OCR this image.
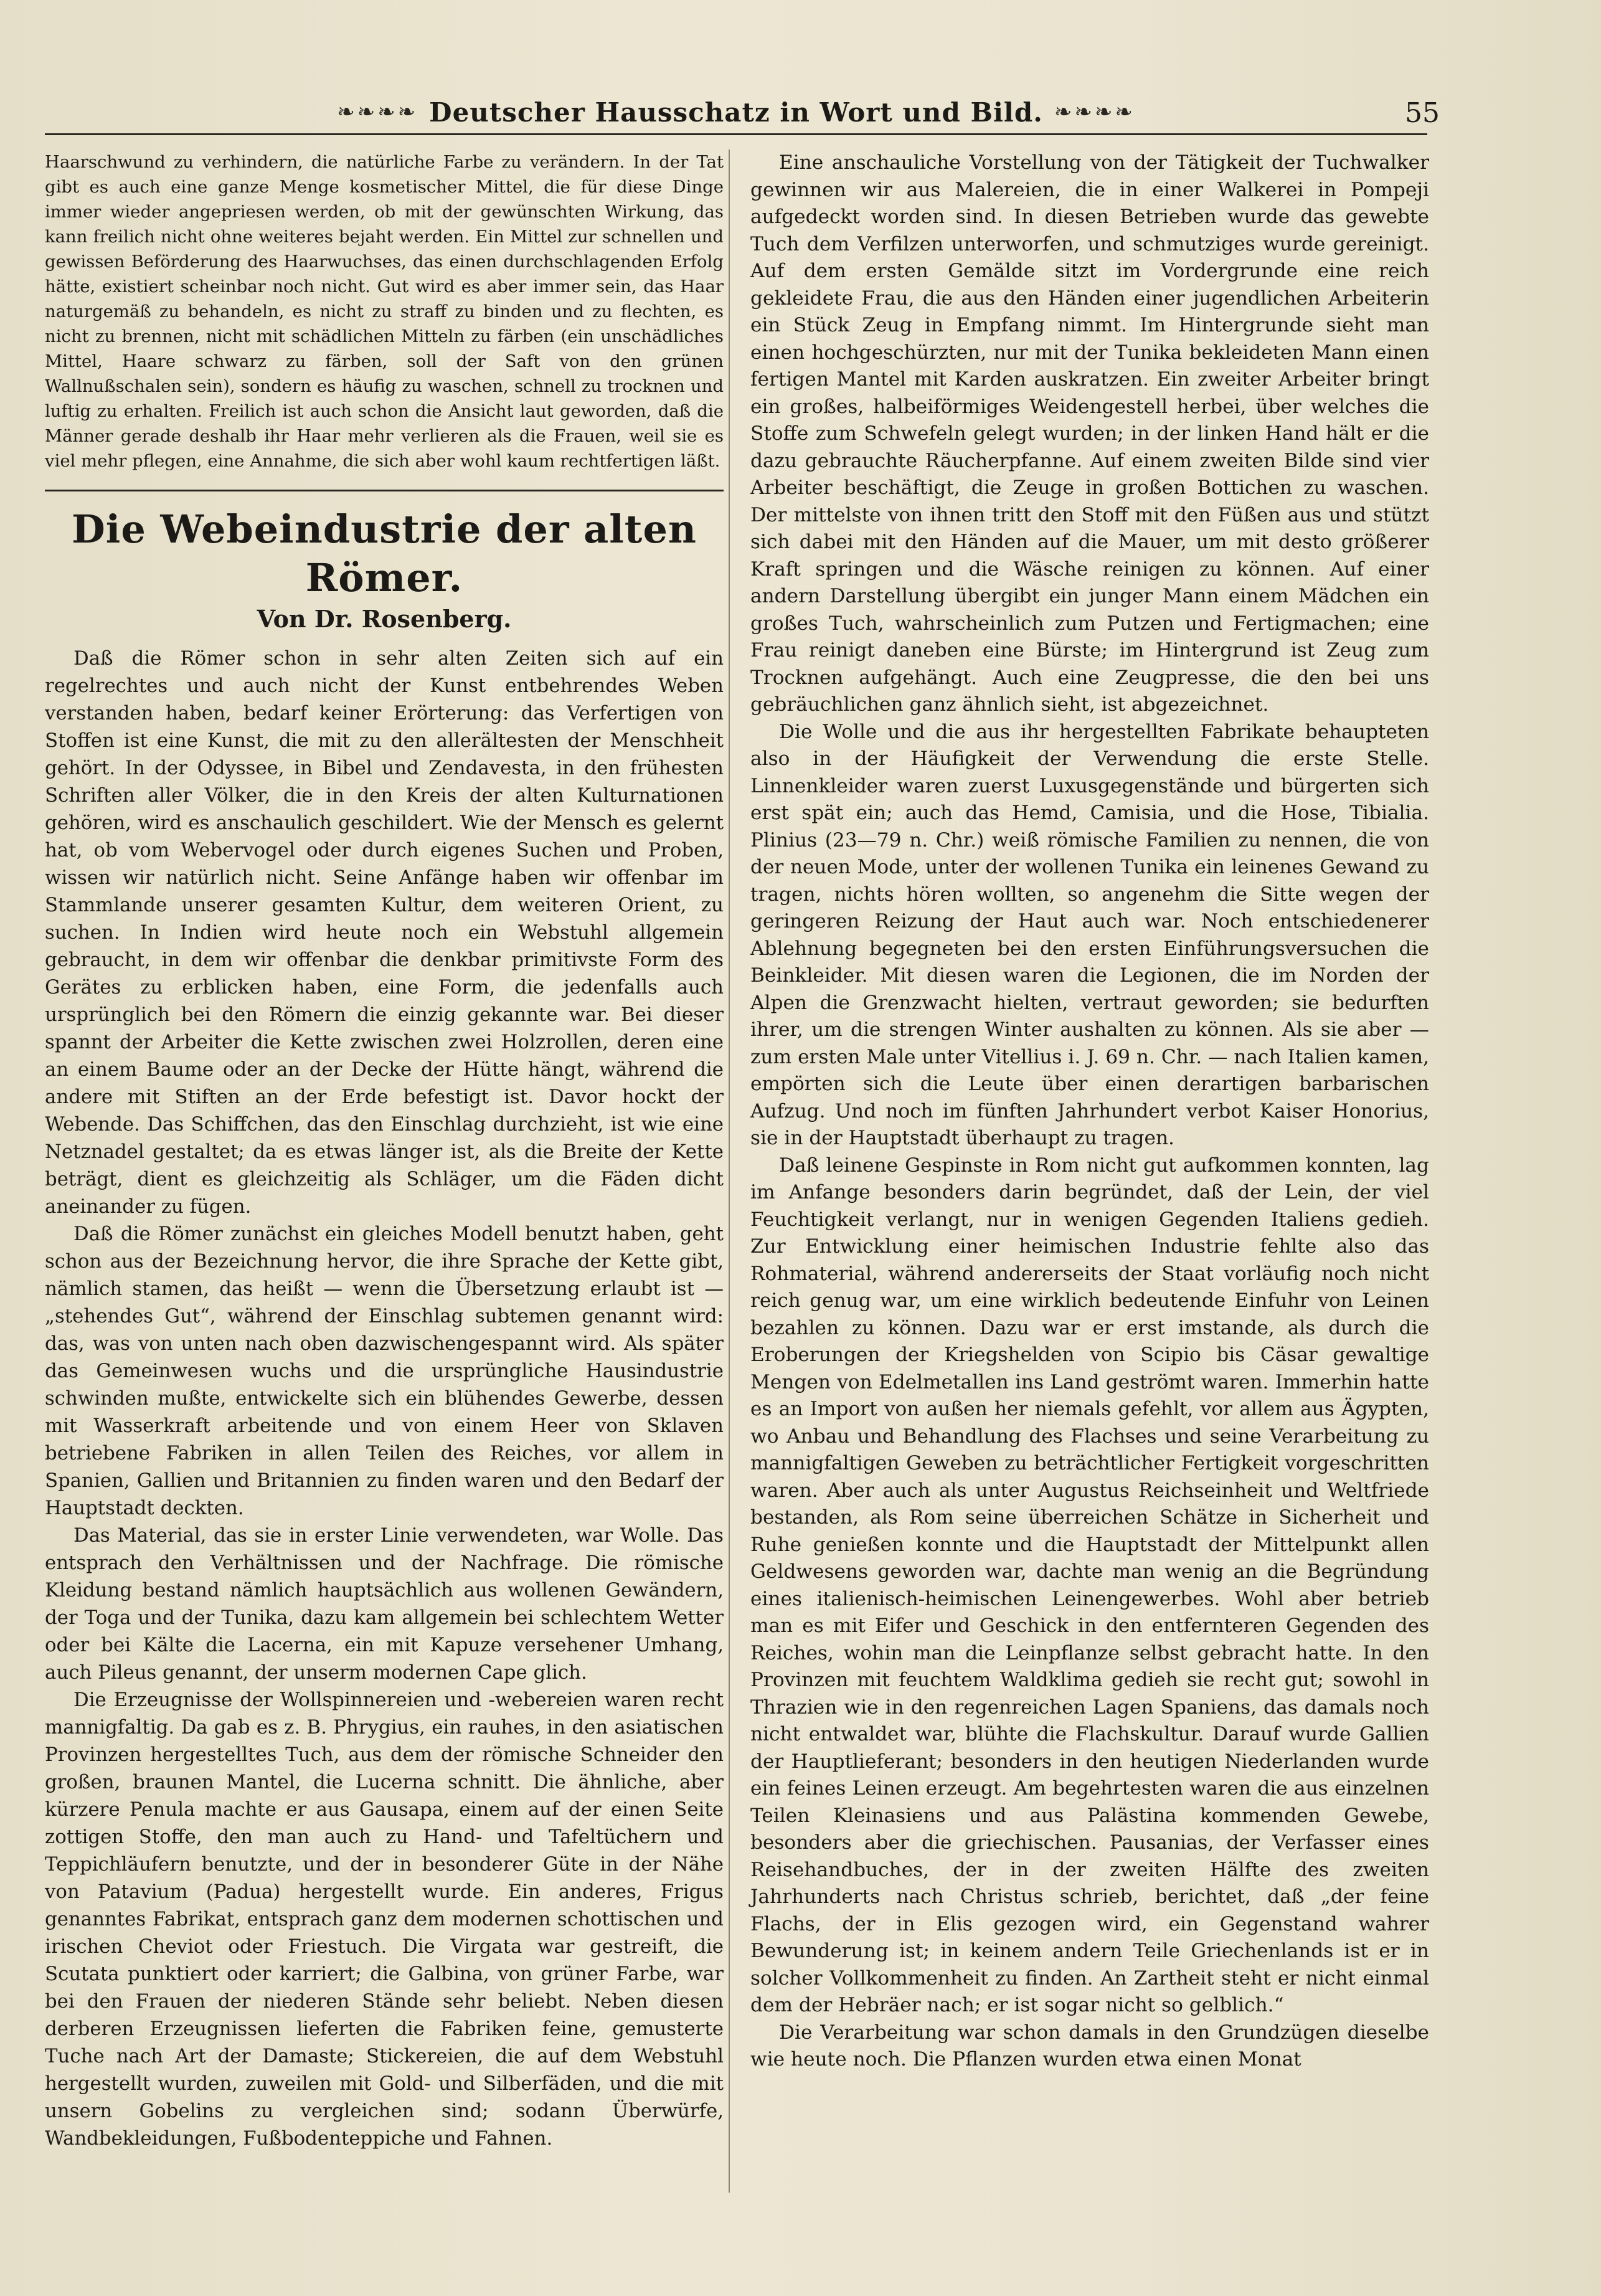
❧❧❧❧ Deutscher Hausschatz in Wort und Bild. ❧❧❧❧	55

Haarschwund zu verhindern, die natürliche Farbe zu verändern. In der Tat gibt es auch eine ganze Menge kosmetischer Mittel, die für diese Dinge immer wieder angepriesen werden, ob mit der gewünschten Wirkung, das kann freilich nicht ohne weiteres bejaht werden. Ein Mittel zur schnellen und gewissen Beförderung des Haarwuchses, das einen durchschlagenden Erfolg hätte, existiert scheinbar noch nicht. Gut wird es aber immer sein, das Haar naturgemäß zu behandeln, es nicht zu straff zu binden und zu flechten, es nicht zu brennen, nicht mit schädlichen Mitteln zu färben (ein unschädliches Mittel, Haare schwarz zu färben, soll der Saft von den grünen Wallnußschalen sein), sondern es häufig zu waschen, schnell zu trocknen und luftig zu erhalten. Freilich ist auch schon die Ansicht laut geworden, daß die Männer gerade deshalb ihr Haar mehr verlieren als die Frauen, weil sie es viel mehr pflegen, eine Annahme, die sich aber wohl kaum rechtfertigen läßt.

Die Webeindustrie der alten Römer.
Von Dr. Rosenberg.

Daß die Römer schon in sehr alten Zeiten sich auf ein regelrechtes und auch nicht der Kunst entbehrendes Weben verstanden haben, bedarf keiner Erörterung: das Verfertigen von Stoffen ist eine Kunst, die mit zu den allerältesten der Menschheit gehört. In der Odyssee, in Bibel und Zendavesta, in den frühesten Schriften aller Völker, die in den Kreis der alten Kulturnationen gehören, wird es anschaulich geschildert. Wie der Mensch es gelernt hat, ob vom Webervogel oder durch eigenes Suchen und Proben, wissen wir natürlich nicht. Seine Anfänge haben wir offenbar im Stammlande unserer gesamten Kultur, dem weiteren Orient, zu suchen. In Indien wird heute noch ein Webstuhl allgemein gebraucht, in dem wir offenbar die denkbar primitivste Form des Gerätes zu erblicken haben, eine Form, die jedenfalls auch ursprünglich bei den Römern die einzig gekannte war. Bei dieser spannt der Arbeiter die Kette zwischen zwei Holzrollen, deren eine an einem Baume oder an der Decke der Hütte hängt, während die andere mit Stiften an der Erde befestigt ist. Davor hockt der Webende. Das Schiffchen, das den Einschlag durchzieht, ist wie eine Netznadel gestaltet; da es etwas länger ist, als die Breite der Kette beträgt, dient es gleichzeitig als Schläger, um die Fäden dicht aneinander zu fügen.

Daß die Römer zunächst ein gleiches Modell benutzt haben, geht schon aus der Bezeichnung hervor, die ihre Sprache der Kette gibt, nämlich stamen, das heißt — wenn die Übersetzung erlaubt ist — „stehendes Gut“, während der Einschlag subtemen genannt wird: das, was von unten nach oben dazwischengespannt wird. Als später das Gemeinwesen wuchs und die ursprüngliche Hausindustrie schwinden mußte, entwickelte sich ein blühendes Gewerbe, dessen mit Wasserkraft arbeitende und von einem Heer von Sklaven betriebene Fabriken in allen Teilen des Reiches, vor allem in Spanien, Gallien und Britannien zu finden waren und den Bedarf der Hauptstadt deckten.

Das Material, das sie in erster Linie verwendeten, war Wolle. Das entsprach den Verhältnissen und der Nachfrage. Die römische Kleidung bestand nämlich hauptsächlich aus wollenen Gewändern, der Toga und der Tunika, dazu kam allgemein bei schlechtem Wetter oder bei Kälte die Lacerna, ein mit Kapuze versehener Umhang, auch Pileus genannt, der unserm modernen Cape glich.

Die Erzeugnisse der Wollspinnereien und -webereien waren recht mannigfaltig. Da gab es z. B. Phrygius, ein rauhes, in den asiatischen Provinzen hergestelltes Tuch, aus dem der römische Schneider den großen, braunen Mantel, die Lucerna schnitt. Die ähnliche, aber kürzere Penula machte er aus Gausapa, einem auf der einen Seite zottigen Stoffe, den man auch zu Hand- und Tafeltüchern und Teppichläufern benutzte, und der in besonderer Güte in der Nähe von Patavium (Padua) hergestellt wurde. Ein anderes, Frigus genanntes Fabrikat, entsprach ganz dem modernen schottischen und irischen Cheviot oder Friestuch. Die Virgata war gestreift, die Scutata punktiert oder karriert; die Galbina, von grüner Farbe, war bei den Frauen der niederen Stände sehr beliebt. Neben diesen derberen Erzeugnissen lieferten die Fabriken feine, gemusterte Tuche nach Art der Damaste; Stickereien, die auf dem Webstuhl hergestellt wurden, zuweilen mit Gold- und Silberfäden, und die mit unsern Gobelins zu vergleichen sind; sodann Überwürfe, Wandbekleidungen, Fußbodenteppiche und Fahnen.

Eine anschauliche Vorstellung von der Tätigkeit der Tuchwalker gewinnen wir aus Malereien, die in einer Walkerei in Pompeji aufgedeckt worden sind. In diesen Betrieben wurde das gewebte Tuch dem Verfilzen unterworfen, und schmutziges wurde gereinigt. Auf dem ersten Gemälde sitzt im Vordergrunde eine reich gekleidete Frau, die aus den Händen einer jugendlichen Arbeiterin ein Stück Zeug in Empfang nimmt. Im Hintergrunde sieht man einen hochgeschürzten, nur mit der Tunika bekleideten Mann einen fertigen Mantel mit Karden auskratzen. Ein zweiter Arbeiter bringt ein großes, halbeiförmiges Weidengestell herbei, über welches die Stoffe zum Schwefeln gelegt wurden; in der linken Hand hält er die dazu gebrauchte Räucherpfanne. Auf einem zweiten Bilde sind vier Arbeiter beschäftigt, die Zeuge in großen Bottichen zu waschen. Der mittelste von ihnen tritt den Stoff mit den Füßen aus und stützt sich dabei mit den Händen auf die Mauer, um mit desto größerer Kraft springen und die Wäsche reinigen zu können. Auf einer andern Darstellung übergibt ein junger Mann einem Mädchen ein großes Tuch, wahrscheinlich zum Putzen und Fertigmachen; eine Frau reinigt daneben eine Bürste; im Hintergrund ist Zeug zum Trocknen aufgehängt. Auch eine Zeugpresse, die den bei uns gebräuchlichen ganz ähnlich sieht, ist abgezeichnet.

Die Wolle und die aus ihr hergestellten Fabrikate behaupteten also in der Häufigkeit der Verwendung die erste Stelle. Linnenkleider waren zuerst Luxusgegenstände und bürgerten sich erst spät ein; auch das Hemd, Camisia, und die Hose, Tibialia. Plinius (23—79 n. Chr.) weiß römische Familien zu nennen, die von der neuen Mode, unter der wollenen Tunika ein leinenes Gewand zu tragen, nichts hören wollten, so angenehm die Sitte wegen der geringeren Reizung der Haut auch war. Noch entschiedenerer Ablehnung begegneten bei den ersten Einführungsversuchen die Beinkleider. Mit diesen waren die Legionen, die im Norden der Alpen die Grenzwacht hielten, vertraut geworden; sie bedurften ihrer, um die strengen Winter aushalten zu können. Als sie aber — zum ersten Male unter Vitellius i. J. 69 n. Chr. — nach Italien kamen, empörten sich die Leute über einen derartigen barbarischen Aufzug. Und noch im fünften Jahrhundert verbot Kaiser Honorius, sie in der Hauptstadt überhaupt zu tragen.

Daß leinene Gespinste in Rom nicht gut aufkommen konnten, lag im Anfange besonders darin begründet, daß der Lein, der viel Feuchtigkeit verlangt, nur in wenigen Gegenden Italiens gedieh. Zur Entwicklung einer heimischen Industrie fehlte also das Rohmaterial, während andererseits der Staat vorläufig noch nicht reich genug war, um eine wirklich bedeutende Einfuhr von Leinen bezahlen zu können. Dazu war er erst imstande, als durch die Eroberungen der Kriegshelden von Scipio bis Cäsar gewaltige Mengen von Edelmetallen ins Land geströmt waren. Immerhin hatte es an Import von außen her niemals gefehlt, vor allem aus Ägypten, wo Anbau und Behandlung des Flachses und seine Verarbeitung zu mannigfaltigen Geweben zu beträchtlicher Fertigkeit vorgeschritten waren. Aber auch als unter Augustus Reichseinheit und Weltfriede bestanden, als Rom seine überreichen Schätze in Sicherheit und Ruhe genießen konnte und die Hauptstadt der Mittelpunkt allen Geldwesens geworden war, dachte man wenig an die Begründung eines italienisch-heimischen Leinengewerbes. Wohl aber betrieb man es mit Eifer und Geschick in den entfernteren Gegenden des Reiches, wohin man die Leinpflanze selbst gebracht hatte. In den Provinzen mit feuchtem Waldklima gedieh sie recht gut; sowohl in Thrazien wie in den regenreichen Lagen Spaniens, das damals noch nicht entwaldet war, blühte die Flachskultur. Darauf wurde Gallien der Hauptlieferant; besonders in den heutigen Niederlanden wurde ein feines Leinen erzeugt. Am begehrtesten waren die aus einzelnen Teilen Kleinasiens und aus Palästina kommenden Gewebe, besonders aber die griechischen. Pausanias, der Verfasser eines Reisehandbuches, der in der zweiten Hälfte des zweiten Jahrhunderts nach Christus schrieb, berichtet, daß „der feine Flachs, der in Elis gezogen wird, ein Gegenstand wahrer Bewunderung ist; in keinem andern Teile Griechenlands ist er in solcher Vollkommenheit zu finden. An Zartheit steht er nicht einmal dem der Hebräer nach; er ist sogar nicht so gelblich.“

Die Verarbeitung war schon damals in den Grundzügen dieselbe wie heute noch. Die Pflanzen wurden etwa einen Monat
